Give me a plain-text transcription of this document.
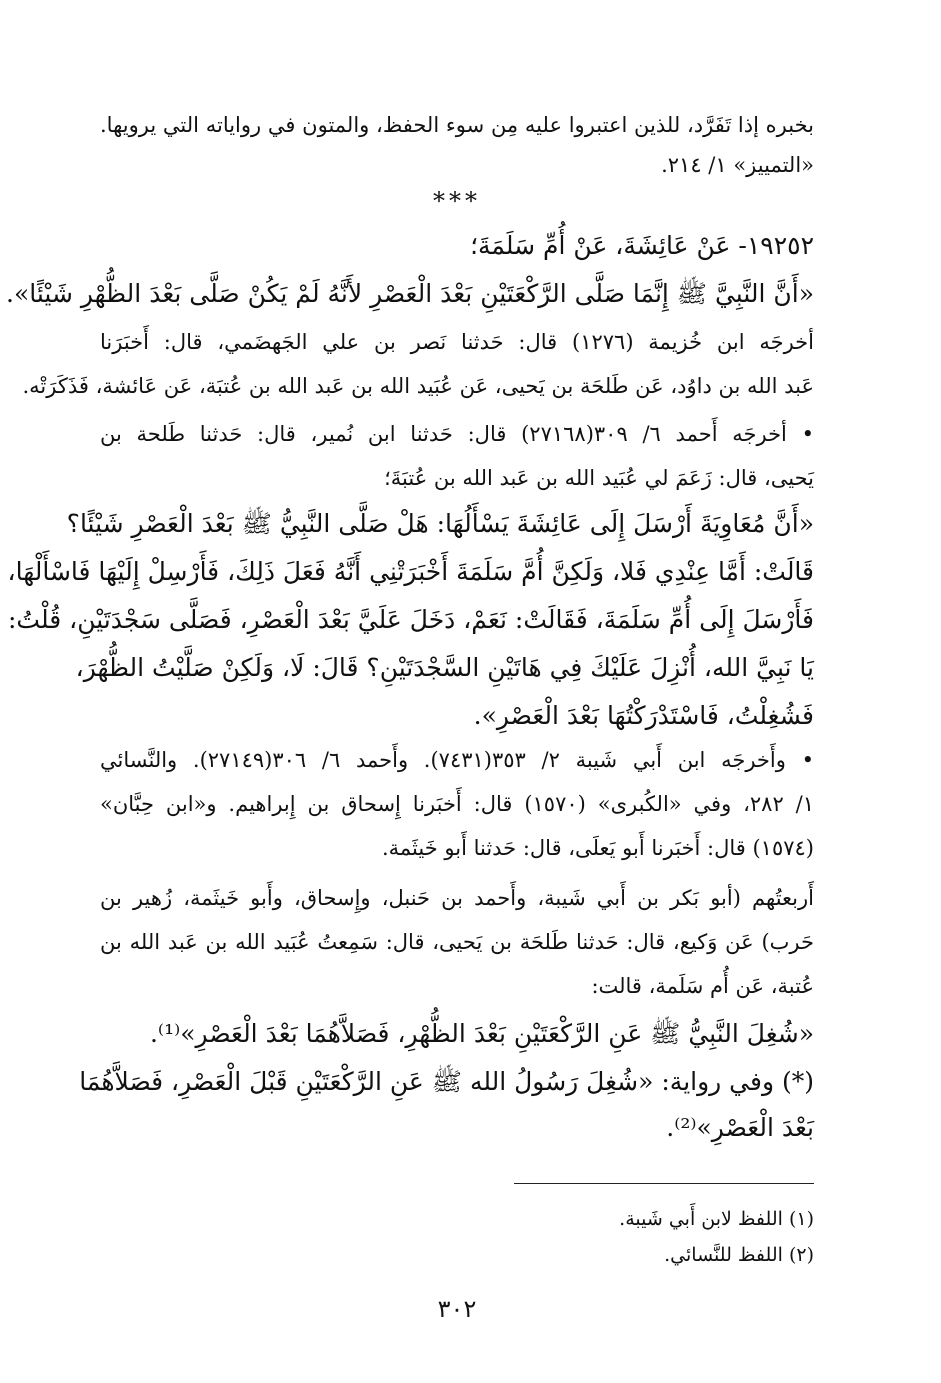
بخبره إذا تَفَرَّد، للذين اعتبروا عليه مِن سوء الحفظ، والمتون في رواياته التي يرويها.
«التمييز» ١/ ٢١٤.
***
١٩٢٥٢- عَنْ عَائِشَةَ، عَنْ أُمِّ سَلَمَةَ؛
«أَنَّ النَّبِيَّ ﷺ إِنَّمَا صَلَّى الرَّكْعَتَيْنِ بَعْدَ الْعَصْرِ لأَنَّهُ لَمْ يَكُنْ صَلَّى بَعْدَ الظُّهْرِ شَيْئًا».
أخرجَه ابن خُزيمة (١٢٧٦) قال: حَدثنا نَصر بن علي الجَهضَمي، قال: أَخبَرَنا
عَبد الله بن داوُد، عَن طَلحَة بن يَحيى، عَن عُبَيد الله بن عَبد الله بن عُتبَة، عَن عَائشة، فَذَكَرَتْه.
• أخرجَه أَحمد ٦/ ٣٠٩(٢٧١٦٨) قال: حَدثنا ابن نُمير، قال: حَدثنا طَلحة بن
يَحيى، قال: زَعَمَ لي عُبَيد الله بن عَبد الله بن عُتبَةَ؛
«أَنَّ مُعَاوِيَةَ أَرْسَلَ إِلَى عَائِشَةَ يَسْأَلُهَا: هَلْ صَلَّى النَّبِيُّ ﷺ بَعْدَ الْعَصْرِ شَيْئًا؟
قَالَتْ: أَمَّا عِنْدِي فَلا، وَلَكِنَّ أُمَّ سَلَمَةَ أَخْبَرَتْنِي أَنَّهُ فَعَلَ ذَلِكَ، فَأَرْسِلْ إِلَيْهَا فَاسْأَلْهَا،
فَأَرْسَلَ إِلَى أُمِّ سَلَمَةَ، فَقَالَتْ: نَعَمْ، دَخَلَ عَلَيَّ بَعْدَ الْعَصْرِ، فَصَلَّى سَجْدَتَيْنِ، قُلْتُ:
يَا نَبِيَّ الله، أُنْزِلَ عَلَيْكَ فِي هَاتَيْنِ السَّجْدَتَيْنِ؟ قَالَ: لَا، وَلَكِنْ صَلَّيْتُ الظُّهْرَ،
فَشُغِلْتُ، فَاسْتَدْرَكْتُهَا بَعْدَ الْعَصْرِ».
• وأَخرجَه ابن أَبي شَيبة ٢/ ٣٥٣(٧٤٣١). وأَحمد ٦/ ٣٠٦(٢٧١٤٩). والنَّسائي
١/ ٢٨٢، وفي «الكُبرى» (١٥٧٠) قال: أَخبَرنا إِسحاق بن إِبراهيم. و«ابن حِبَّان»
(١٥٧٤) قال: أَخبَرنا أَبو يَعلَى، قال: حَدثنا أَبو خَيثَمة.
أَربعتُهم (أبو بَكر بن أَبي شَيبة، وأَحمد بن حَنبل، وإِسحاق، وأَبو خَيثَمة، زُهير بن
حَرب) عَن وَكيع، قال: حَدثنا طَلحَة بن يَحيى، قال: سَمِعتُ عُبَيد الله بن عَبد الله بن
عُتبة، عَن أُم سَلَمة، قالت:
«شُغِلَ النَّبِيُّ ﷺ عَنِ الرَّكْعَتَيْنِ بَعْدَ الظُّهْرِ، فَصَلاَّهُمَا بَعْدَ الْعَصْرِ»⁽¹⁾.
(*) وفي رواية: «شُغِلَ رَسُولُ الله ﷺ عَنِ الرَّكْعَتَيْنِ قَبْلَ الْعَصْرِ، فَصَلاَّهُمَا
بَعْدَ الْعَصْرِ»⁽²⁾.
(١) اللفظ لابن أَبي شَيبة.
(٢) اللفظ للنَّسائي.
٣٠٢
